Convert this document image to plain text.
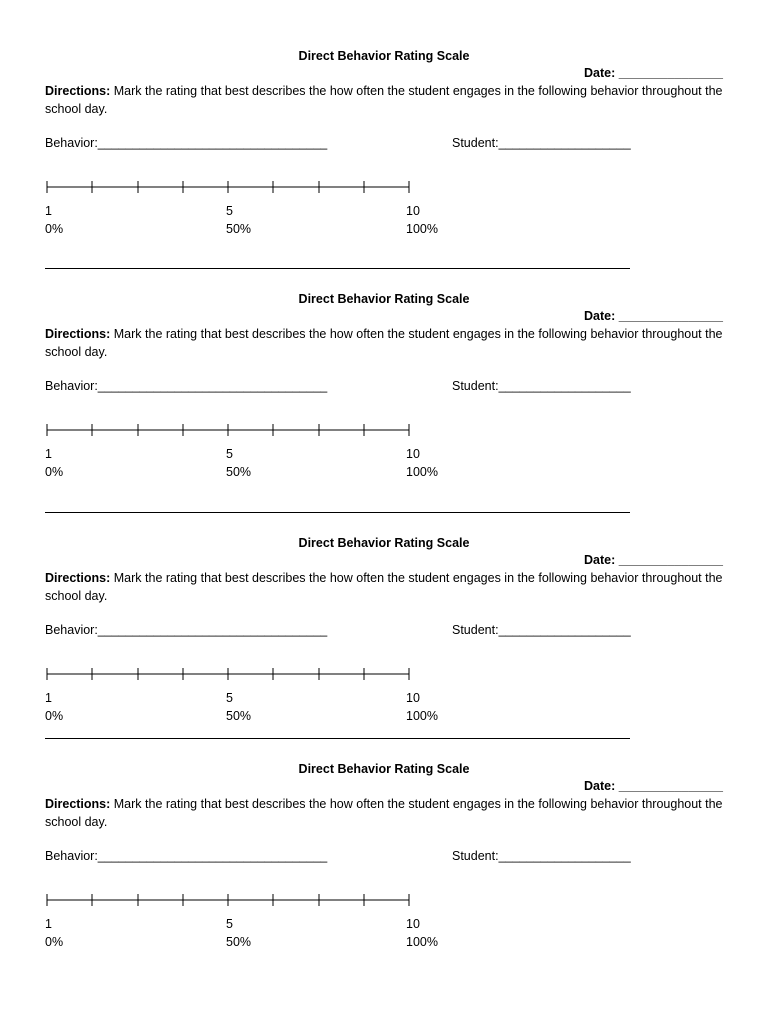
Direct Behavior Rating Scale
Date: _______________
Directions: Mark the rating that best describes the how often the student engages in the following behavior throughout the school day.
Behavior:_________________________________	Student:___________________
1	5	10
0%	50%	100%
Direct Behavior Rating Scale
Date: _______________
Directions: Mark the rating that best describes the how often the student engages in the following behavior throughout the school day.
Behavior:_________________________________	Student:___________________
1	5	10
0%	50%	100%
Direct Behavior Rating Scale
Date: _______________
Directions: Mark the rating that best describes the how often the student engages in the following behavior throughout the school day.
Behavior:_________________________________	Student:___________________
1	5	10
0%	50%	100%
Direct Behavior Rating Scale
Date: _______________
Directions: Mark the rating that best describes the how often the student engages in the following behavior throughout the school day.
Behavior:_________________________________	Student:___________________
1	5	10
0%	50%	100%
